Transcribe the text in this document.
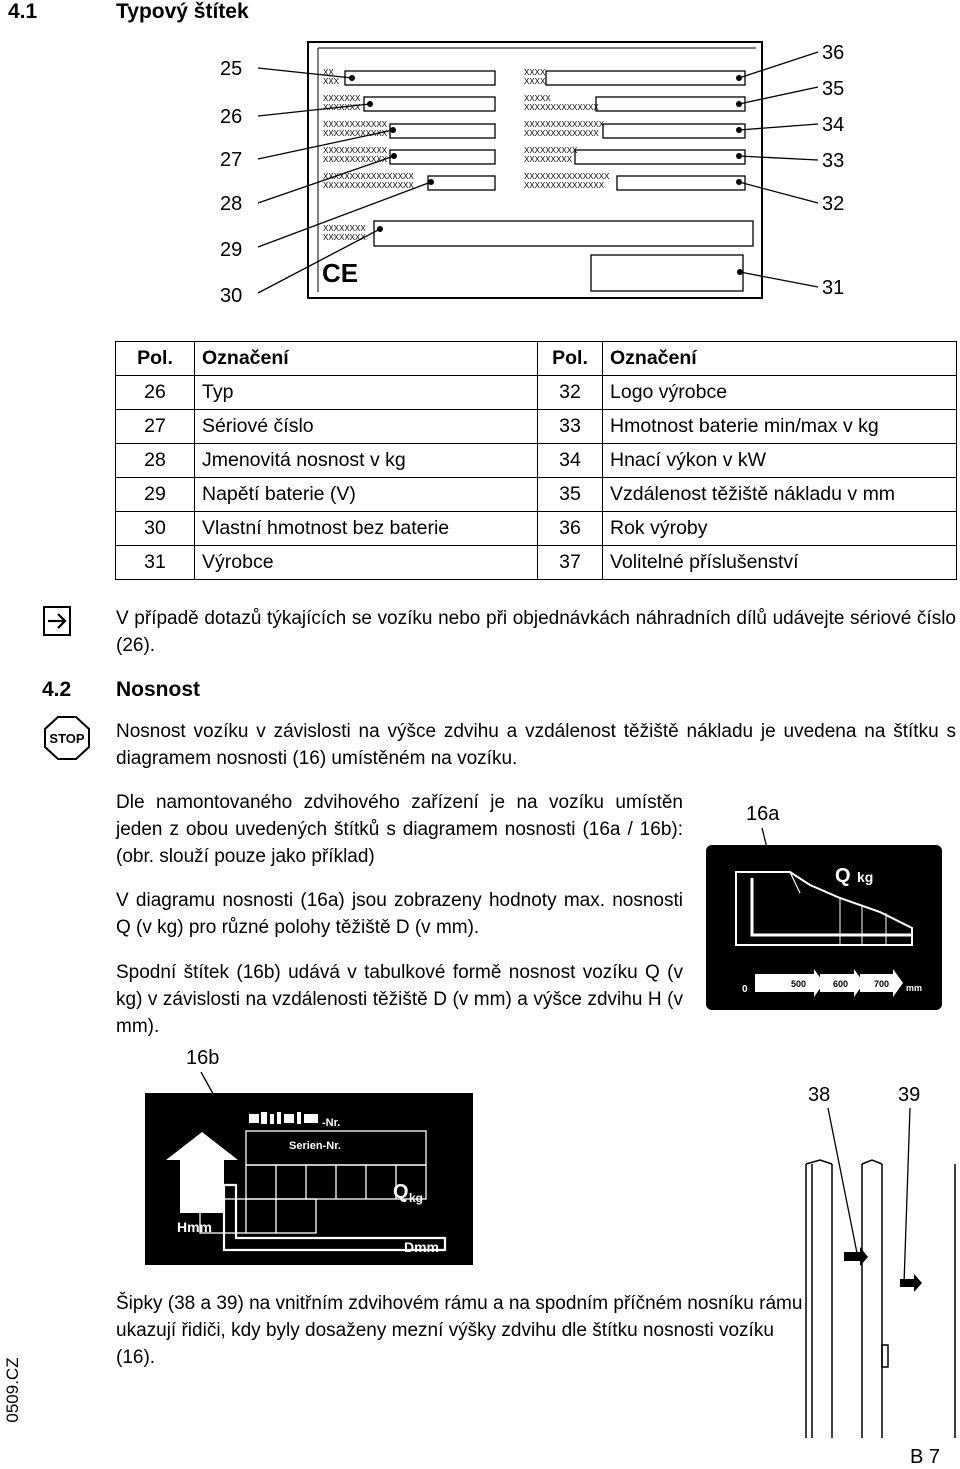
4.1	Typový štítek
XX
XXX
XXXXXXX
XXXXXXX
XXXXXXXXXXXX
XXXXXXXXXXXX
XXXXXXXXXXXX
XXXXXXXXXXXX
XXXXXXXXXXXXXXXXX
XXXXXXXXXXXXXXXXX
XXXXXXXX
XXXXXXXX
XXXX
XXXX
XXXXX
XXXXXXXXXXXXXX
XXXXXXXXXXXXXXX
XXXXXXXXXXXXXX
XXXXXXXXXX
XXXXXXXXX
XXXXXXXXXXXXXXXX
XXXXXXXXXXXXXXX
CE
25
26
27
28
29
30
36
35
34
33
32
31
Pol.	Označení	Pol.	Označení
26	Typ	32	Logo výrobce
27	Sériové číslo	33	Hmotnost baterie min/max v kg
28	Jmenovitá nosnost v kg	34	Hnací výkon v kW
29	Napětí baterie (V)	35	Vzdálenost těžiště nákladu v mm
30	Vlastní hmotnost bez baterie	36	Rok výroby
31	Výrobce	37	Volitelné příslušenství
V případě dotazů týkajících se vozíku nebo při objednávkách náhradních dílů udávejte sériové číslo (26).
4.2 Nosnost
STOP Nosnost vozíku v závislosti na výšce zdvihu a vzdálenost těžiště nákladu je uvedena na štítku s diagramem nosnosti (16) umístěném na vozíku.
Dle namontovaného zdvihového zařízení je na vozíku umístěn jeden z obou uvedených štítků s diagramem nosnosti (16a / 16b): (obr. slouží pouze jako příklad)
V diagramu nosnosti (16a) jsou zobrazeny hodnoty max. nosnosti Q (v kg) pro různé polohy těžiště D (v mm).
Spodní štítek (16b) udává v tabulkové formě nosnost vozíku Q (v kg) v závislosti na vzdálenosti těžiště D (v mm) a výšce zdvihu H (v mm).
16a
Q kg
0	500	600	700 mm
16b
-Nr.
Serien-Nr.
Q kg
Hmm
Dmm
38	39
Šipky (38 a 39) na vnitřním zdvihovém rámu a na spodním příčném nosníku rámu ukazují řidiči, kdy byly dosaženy mezní výšky zdvihu dle štítku nosnosti vozíku (16).
0509.CZ
B 7
